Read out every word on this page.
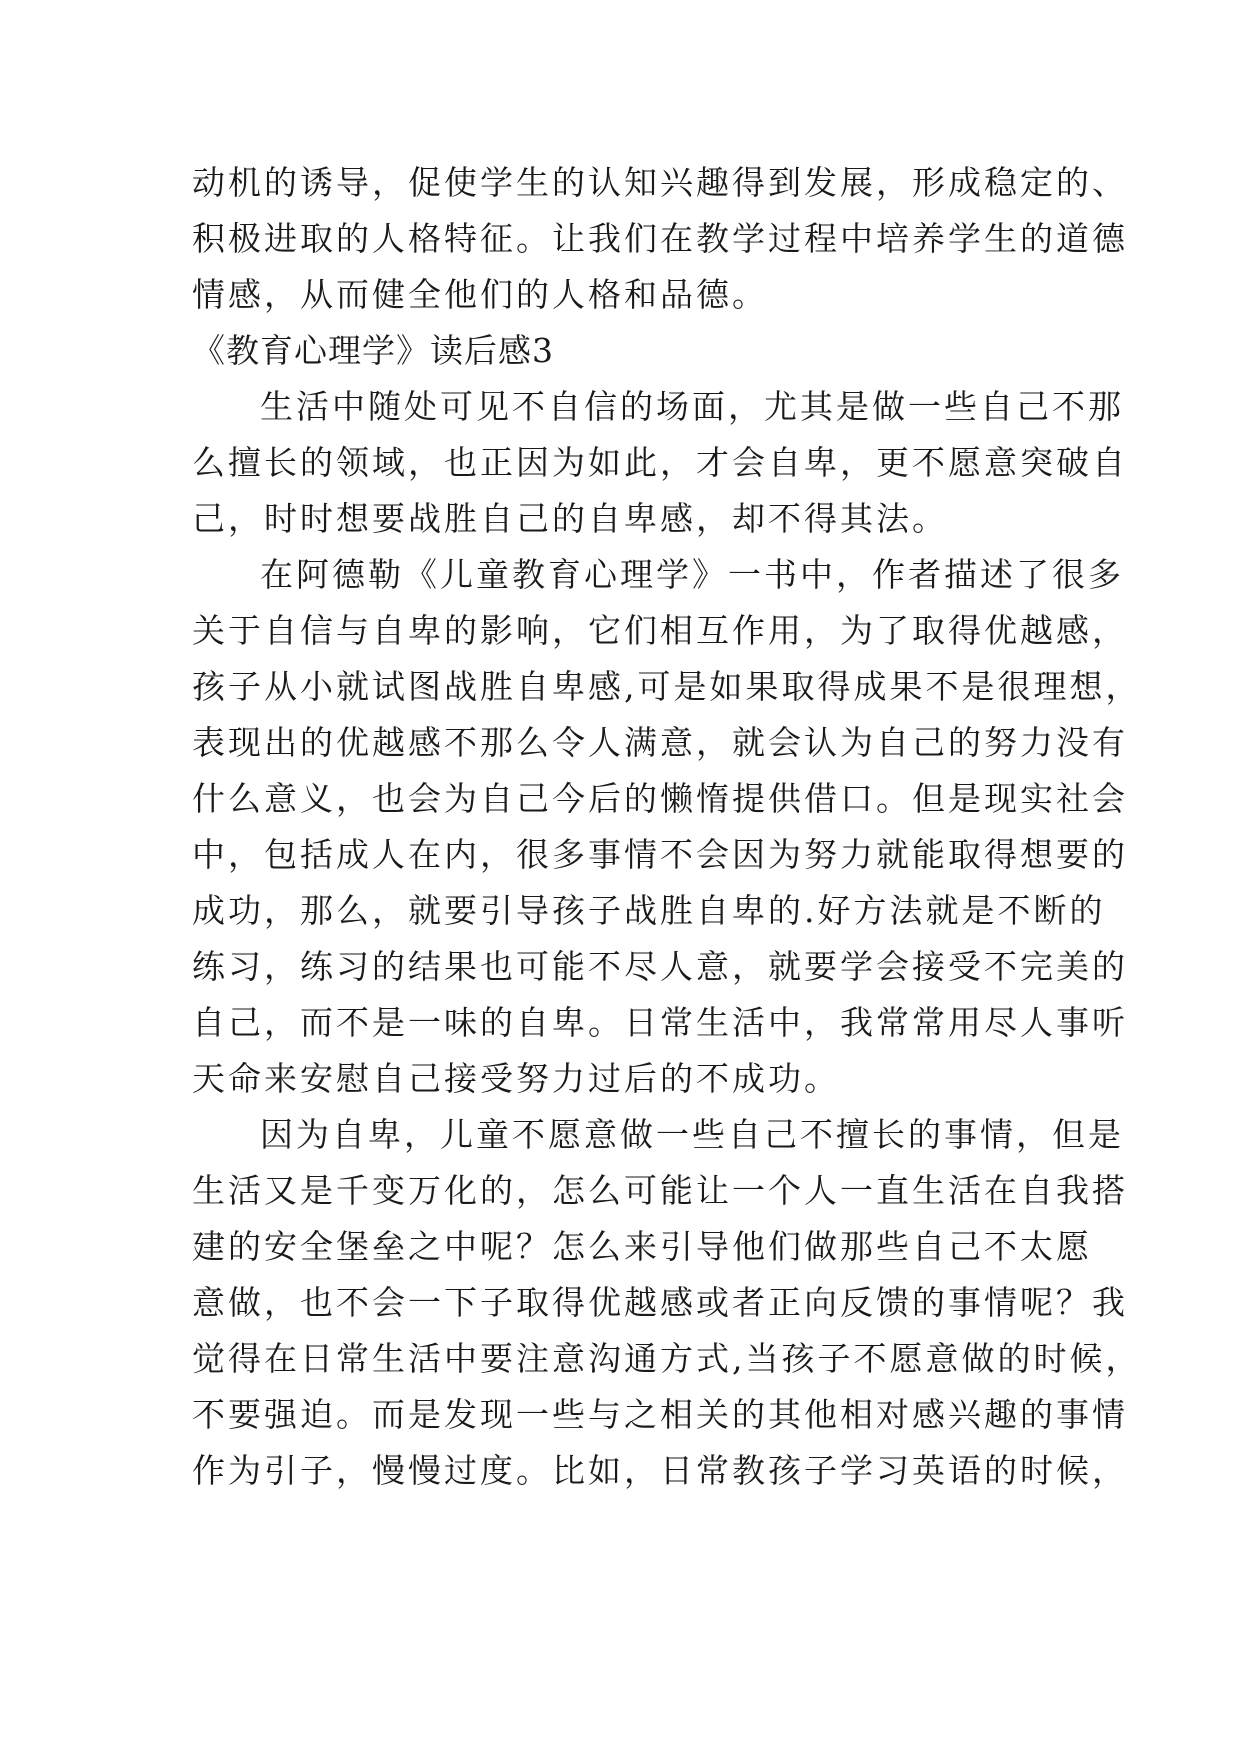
动机的诱导，促使学生的认知兴趣得到发展，形成稳定的、
积极进取的人格特征。让我们在教学过程中培养学生的道德
情感，从而健全他们的人格和品德。
《教育心理学》读后感3
生活中随处可见不自信的场面，尤其是做一些自己不那
么擅长的领域，也正因为如此，才会自卑，更不愿意突破自
己，时时想要战胜自己的自卑感，却不得其法。
在阿德勒《儿童教育心理学》一书中，作者描述了很多
关于自信与自卑的影响，它们相互作用，为了取得优越感，
孩子从小就试图战胜自卑感,可是如果取得成果不是很理想，
表现出的优越感不那么令人满意，就会认为自己的努力没有
什么意义，也会为自己今后的懒惰提供借口。但是现实社会
中，包括成人在内，很多事情不会因为努力就能取得想要的
成功，那么，就要引导孩子战胜自卑的.好方法就是不断的
练习，练习的结果也可能不尽人意，就要学会接受不完美的
自己，而不是一味的自卑。日常生活中，我常常用尽人事听
天命来安慰自己接受努力过后的不成功。
因为自卑，儿童不愿意做一些自己不擅长的事情，但是
生活又是千变万化的，怎么可能让一个人一直生活在自我搭
建的安全堡垒之中呢？怎么来引导他们做那些自己不太愿
意做，也不会一下子取得优越感或者正向反馈的事情呢？我
觉得在日常生活中要注意沟通方式,当孩子不愿意做的时候，
不要强迫。而是发现一些与之相关的其他相对感兴趣的事情
作为引子，慢慢过度。比如，日常教孩子学习英语的时候，
